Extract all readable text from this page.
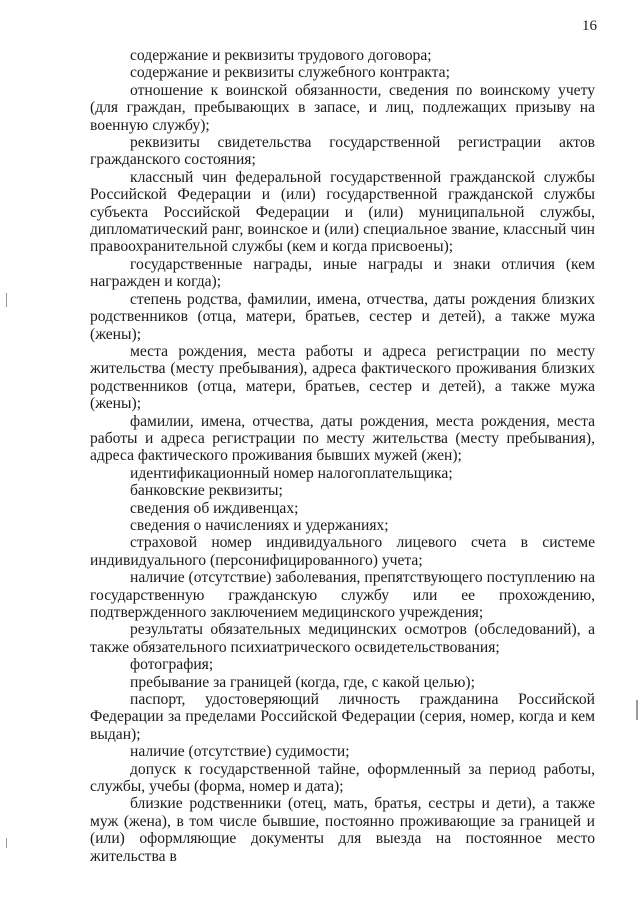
16

содержание и реквизиты трудового договора;

содержание и реквизиты служебного контракта;

отношение к воинской обязанности, сведения по воинскому учету (для граждан, пребывающих в запасе, и лиц, подлежащих призыву на военную службу);

реквизиты свидетельства государственной регистрации актов гражданского состояния;

классный чин федеральной государственной гражданской службы Российской Федерации и (или) государственной гражданской службы субъекта Российской Федерации и (или) муниципальной службы, дипломатический ранг, воинское и (или) специальное звание, классный чин правоохранительной службы (кем и когда присвоены);

государственные награды, иные награды и знаки отличия (кем награжден и когда);

степень родства, фамилии, имена, отчества, даты рождения близких родственников (отца, матери, братьев, сестер и детей), а также мужа (жены);

места рождения, места работы и адреса регистрации по месту жительства (месту пребывания), адреса фактического проживания близких родственников (отца, матери, братьев, сестер и детей), а также мужа (жены);

фамилии, имена, отчества, даты рождения, места рождения, места работы и адреса регистрации по месту жительства (месту пребывания), адреса фактического проживания бывших мужей (жен);

идентификационный номер налогоплательщика;

банковские реквизиты;

сведения об иждивенцах;

сведения о начислениях и удержаниях;

страховой номер индивидуального лицевого счета в системе индивидуального (персонифицированного) учета;

наличие (отсутствие) заболевания, препятствующего поступлению на государственную гражданскую службу или ее прохождению, подтвержденного заключением медицинского учреждения;

результаты обязательных медицинских осмотров (обследований), а также обязательного психиатрического освидетельствования;

фотография;

пребывание за границей (когда, где, с какой целью);

паспорт, удостоверяющий личность гражданина Российской Федерации за пределами Российской Федерации (серия, номер, когда и кем выдан);

наличие (отсутствие) судимости;

допуск к государственной тайне, оформленный за период работы, службы, учебы (форма, номер и дата);

близкие родственники (отец, мать, братья, сестры и дети), а также муж (жена), в том числе бывшие, постоянно проживающие за границей и (или) оформляющие документы для выезда на постоянное место жительства в
